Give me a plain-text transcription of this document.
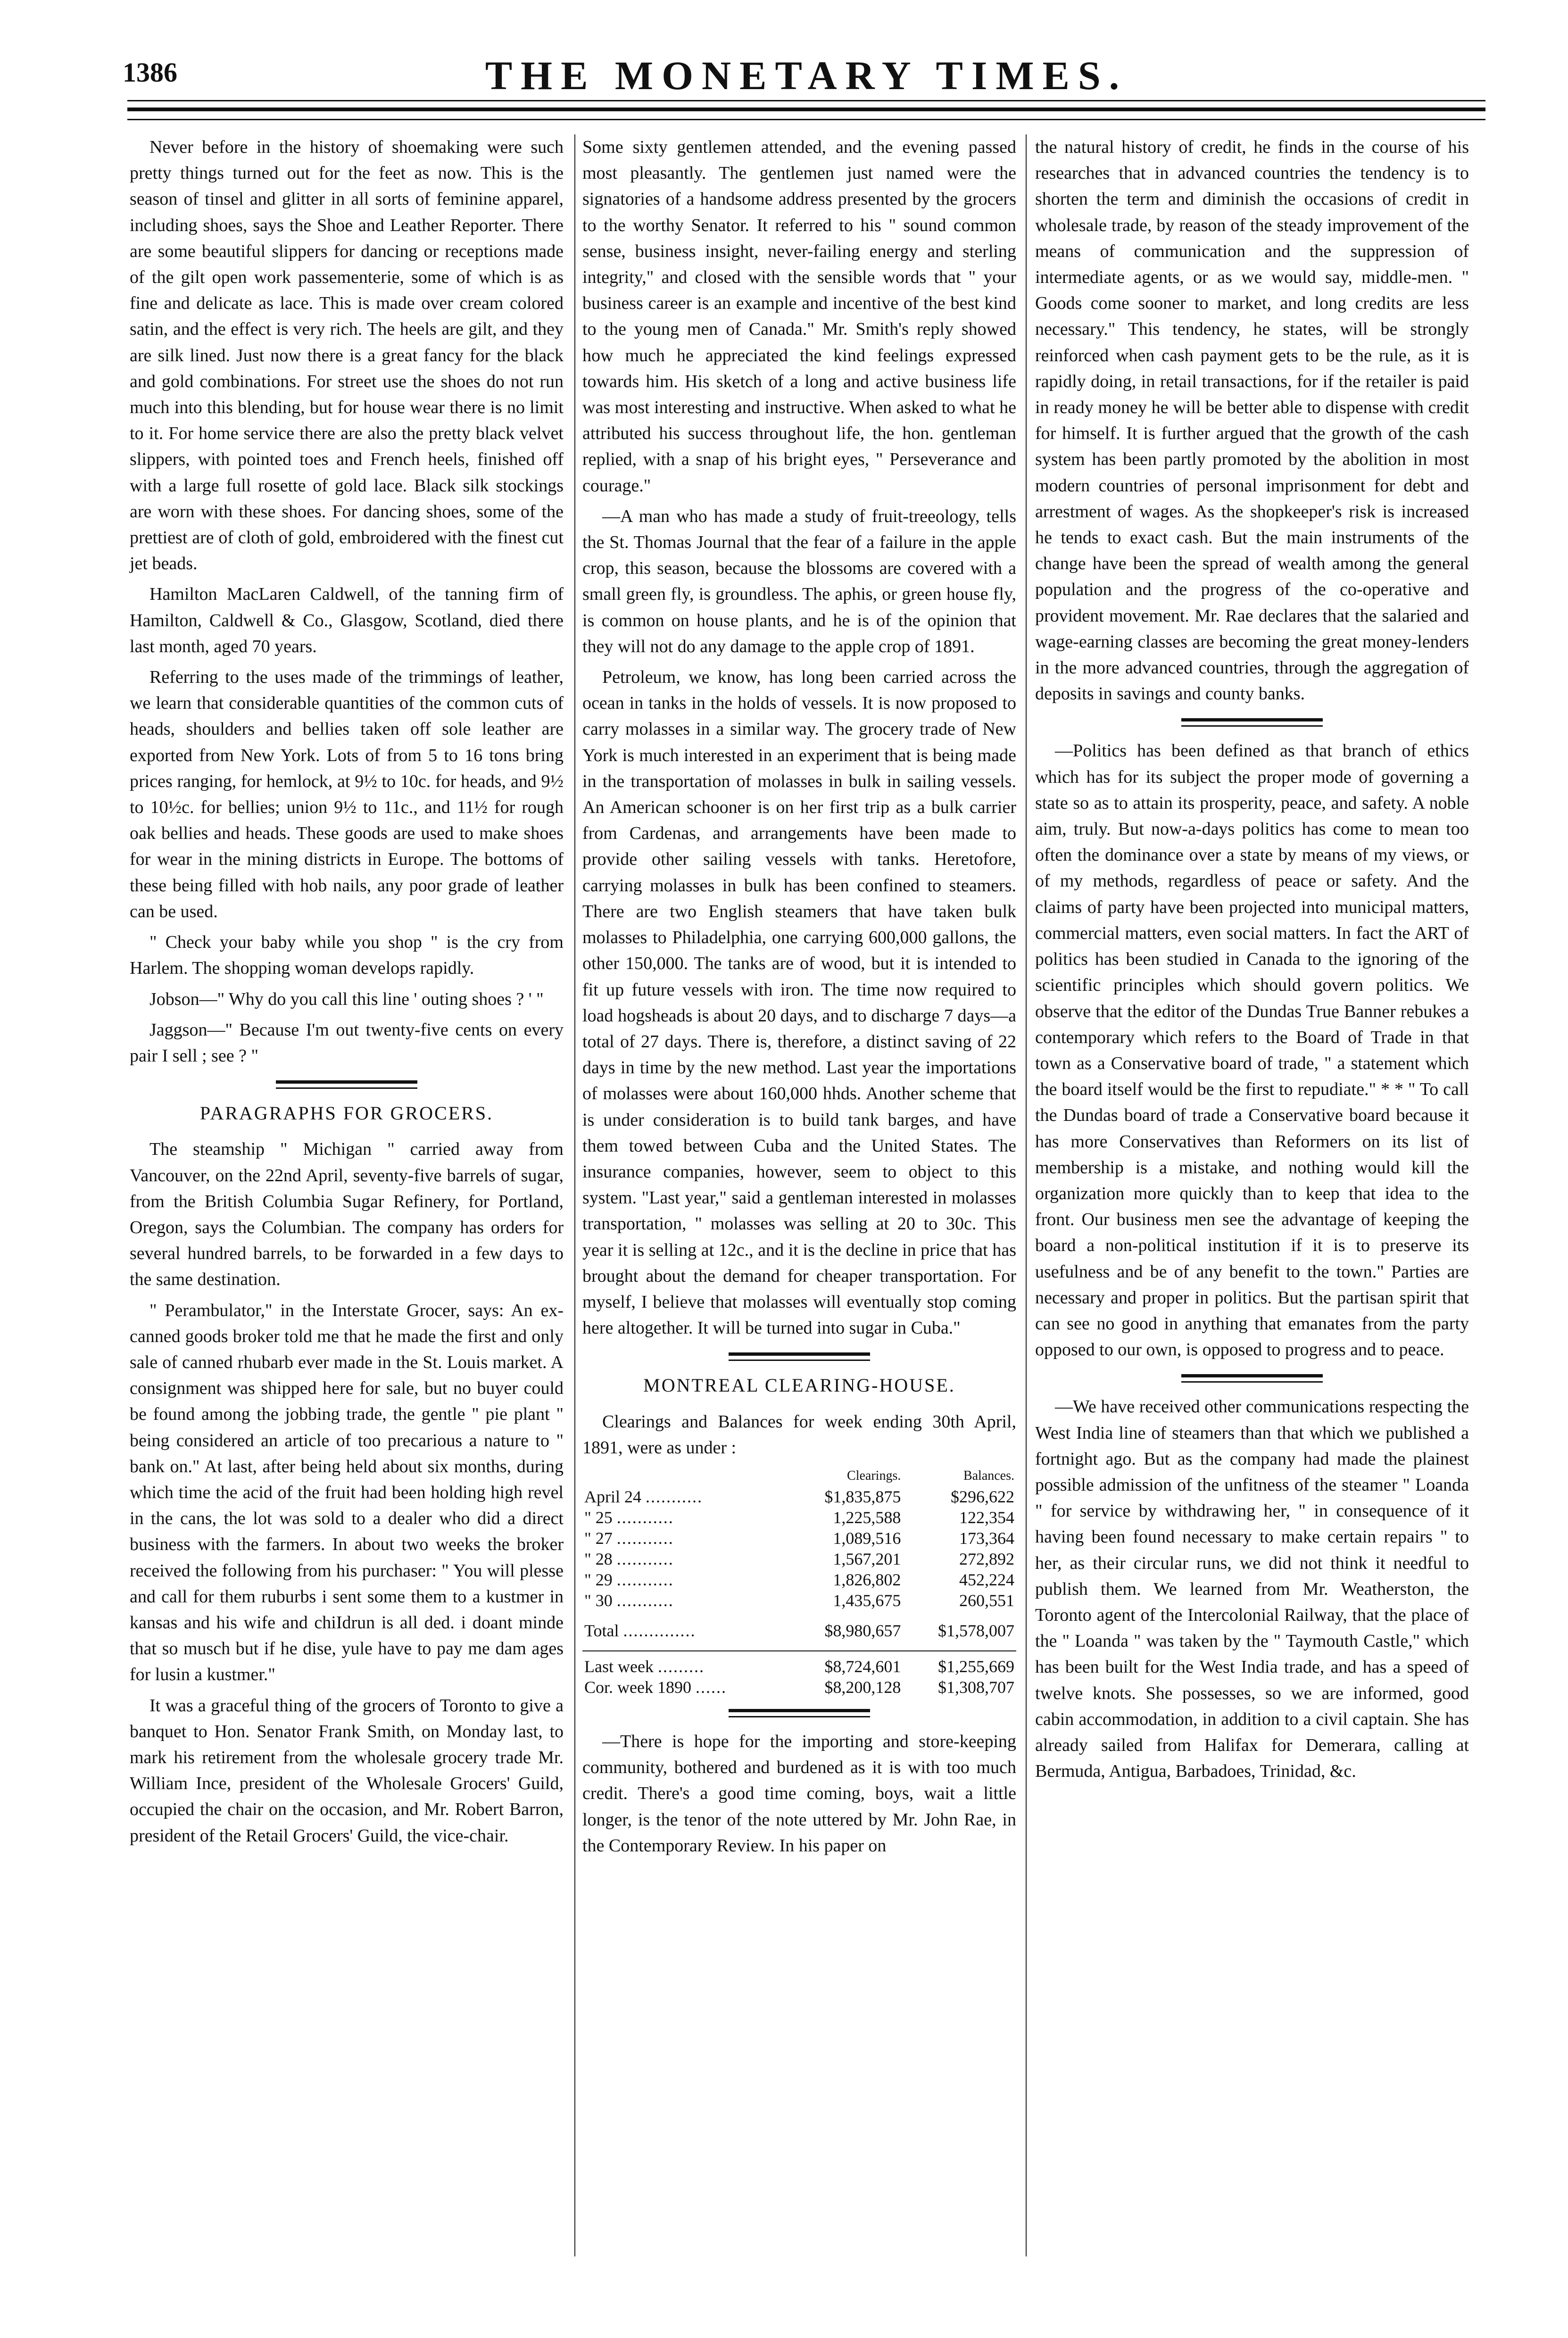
1386	THE MONETARY TIMES.

Never before in the history of shoemaking were such pretty things turned out for the feet as now. This is the season of tinsel and glitter in all sorts of feminine apparel, including shoes, says the Shoe and Leather Reporter. There are some beautiful slippers for dancing or receptions made of the gilt open work passementerie, some of which is as fine and delicate as lace. This is made over cream colored satin, and the effect is very rich. The heels are gilt, and they are silk lined. Just now there is a great fancy for the black and gold combinations. For street use the shoes do not run much into this blending, but for house wear there is no limit to it. For home service there are also the pretty black velvet slippers, with pointed toes and French heels, finished off with a large full rosette of gold lace. Black silk stockings are worn with these shoes. For dancing shoes, some of the prettiest are of cloth of gold, embroidered with the finest cut jet beads.

Hamilton MacLaren Caldwell, of the tanning firm of Hamilton, Caldwell & Co., Glasgow, Scotland, died there last month, aged 70 years.

Referring to the uses made of the trimmings of leather, we learn that considerable quantities of the common cuts of heads, shoulders and bellies taken off sole leather are exported from New York. Lots of from 5 to 16 tons bring prices ranging, for hemlock, at 9½ to 10c. for heads, and 9½ to 10½c. for bellies; union 9½ to 11c., and 11½ for rough oak bellies and heads. These goods are used to make shoes for wear in the mining districts in Europe. The bottoms of these being filled with hob nails, any poor grade of leather can be used.

" Check your baby while you shop " is the cry from Harlem. The shopping woman develops rapidly.

Jobson—" Why do you call this line ' outing shoes ? ' "

Jaggson—" Because I'm out twenty-five cents on every pair I sell ; see ? "

PARAGRAPHS FOR GROCERS.

The steamship " Michigan " carried away from Vancouver, on the 22nd April, seventy-five barrels of sugar, from the British Columbia Sugar Refinery, for Portland, Oregon, says the Columbian. The company has orders for several hundred barrels, to be forwarded in a few days to the same destination.

" Perambulator," in the Interstate Grocer, says: An ex-canned goods broker told me that he made the first and only sale of canned rhubarb ever made in the St. Louis market. A consignment was shipped here for sale, but no buyer could be found among the jobbing trade, the gentle " pie plant " being considered an article of too precarious a nature to " bank on." At last, after being held about six months, during which time the acid of the fruit had been holding high revel in the cans, the lot was sold to a dealer who did a direct business with the farmers. In about two weeks the broker received the following from his purchaser: " You will plesse and call for them ruburbs i sent some them to a kustmer in kansas and his wife and chiIdrun is all ded. i doant minde that so musch but if he dise, yule have to pay me dam ages for lusin a kustmer."

It was a graceful thing of the grocers of Toronto to give a banquet to Hon. Senator Frank Smith, on Monday last, to mark his retirement from the wholesale grocery trade Mr. William Ince, president of the Wholesale Grocers' Guild, occupied the chair on the occasion, and Mr. Robert Barron, president of the Retail Grocers' Guild, the vice-chair.

Some sixty gentlemen attended, and the evening passed most pleasantly. The gentlemen just named were the signatories of a handsome address presented by the grocers to the worthy Senator. It referred to his " sound common sense, business insight, never-failing energy and sterling integrity," and closed with the sensible words that " your business career is an example and incentive of the best kind to the young men of Canada." Mr. Smith's reply showed how much he appreciated the kind feelings expressed towards him. His sketch of a long and active business life was most interesting and instructive. When asked to what he attributed his success throughout life, the hon. gentleman replied, with a snap of his bright eyes, " Perseverance and courage."

—A man who has made a study of fruit-treeology, tells the St. Thomas Journal that the fear of a failure in the apple crop, this season, because the blossoms are covered with a small green fly, is groundless. The aphis, or green house fly, is common on house plants, and he is of the opinion that they will not do any damage to the apple crop of 1891.

Petroleum, we know, has long been carried across the ocean in tanks in the holds of vessels. It is now proposed to carry molasses in a similar way. The grocery trade of New York is much interested in an experiment that is being made in the transportation of molasses in bulk in sailing vessels. An American schooner is on her first trip as a bulk carrier from Cardenas, and arrangements have been made to provide other sailing vessels with tanks. Heretofore, carrying molasses in bulk has been confined to steamers. There are two English steamers that have taken bulk molasses to Philadelphia, one carrying 600,000 gallons, the other 150,000. The tanks are of wood, but it is intended to fit up future vessels with iron. The time now required to load hogsheads is about 20 days, and to discharge 7 days—a total of 27 days. There is, therefore, a distinct saving of 22 days in time by the new method. Last year the importations of molasses were about 160,000 hhds. Another scheme that is under consideration is to build tank barges, and have them towed between Cuba and the United States. The insurance companies, however, seem to object to this system. "Last year," said a gentleman interested in molasses transportation, " molasses was selling at 20 to 30c. This year it is selling at 12c., and it is the decline in price that has brought about the demand for cheaper transportation. For myself, I believe that molasses will eventually stop coming here altogether. It will be turned into sugar in Cuba."

MONTREAL CLEARING-HOUSE.

Clearings and Balances for week ending 30th April, 1891, were as under :

	Clearings.	Balances.
April 24 ...........	$1,835,875	$296,622
" 25 ...........	1,225,588	122,354
" 27 ...........	1,089,516	173,364
" 28 ...........	1,567,201	272,892
" 29 ...........	1,826,802	452,224
" 30 ...........	1,435,675	260,551
Total ..............	$8,980,657	$1,578,007
Last week .........	$8,724,601	$1,255,669
Cor. week 1890 ......	$8,200,128	$1,308,707

—There is hope for the importing and store-keeping community, bothered and burdened as it is with too much credit. There's a good time coming, boys, wait a little longer, is the tenor of the note uttered by Mr. John Rae, in the Contemporary Review. In his paper on

the natural history of credit, he finds in the course of his researches that in advanced countries the tendency is to shorten the term and diminish the occasions of credit in wholesale trade, by reason of the steady improvement of the means of communication and the suppression of intermediate agents, or as we would say, middle-men. " Goods come sooner to market, and long credits are less necessary." This tendency, he states, will be strongly reinforced when cash payment gets to be the rule, as it is rapidly doing, in retail transactions, for if the retailer is paid in ready money he will be better able to dispense with credit for himself. It is further argued that the growth of the cash system has been partly promoted by the abolition in most modern countries of personal imprisonment for debt and arrestment of wages. As the shopkeeper's risk is increased he tends to exact cash. But the main instruments of the change have been the spread of wealth among the general population and the progress of the co-operative and provident movement. Mr. Rae declares that the salaried and wage-earning classes are becoming the great money-lenders in the more advanced countries, through the aggregation of deposits in savings and county banks.

—Politics has been defined as that branch of ethics which has for its subject the proper mode of governing a state so as to attain its prosperity, peace, and safety. A noble aim, truly. But now-a-days politics has come to mean too often the dominance over a state by means of my views, or of my methods, regardless of peace or safety. And the claims of party have been projected into municipal matters, commercial matters, even social matters. In fact the ART of politics has been studied in Canada to the ignoring of the scientific principles which should govern politics. We observe that the editor of the Dundas True Banner rebukes a contemporary which refers to the Board of Trade in that town as a Conservative board of trade, " a statement which the board itself would be the first to repudiate." * * " To call the Dundas board of trade a Conservative board because it has more Conservatives than Reformers on its list of membership is a mistake, and nothing would kill the organization more quickly than to keep that idea to the front. Our business men see the advantage of keeping the board a non-political institution if it is to preserve its usefulness and be of any benefit to the town." Parties are necessary and proper in politics. But the partisan spirit that can see no good in anything that emanates from the party opposed to our own, is opposed to progress and to peace.

—We have received other communications respecting the West India line of steamers than that which we published a fortnight ago. But as the company had made the plainest possible admission of the unfitness of the steamer " Loanda " for service by withdrawing her, " in consequence of it having been found necessary to make certain repairs " to her, as their circular runs, we did not think it needful to publish them. We learned from Mr. Weatherston, the Toronto agent of the Intercolonial Railway, that the place of the " Loanda " was taken by the " Taymouth Castle," which has been built for the West India trade, and has a speed of twelve knots. She possesses, so we are informed, good cabin accommodation, in addition to a civil captain. She has already sailed from Halifax for Demerara, calling at Bermuda, Antigua, Barbadoes, Trinidad, &c.
